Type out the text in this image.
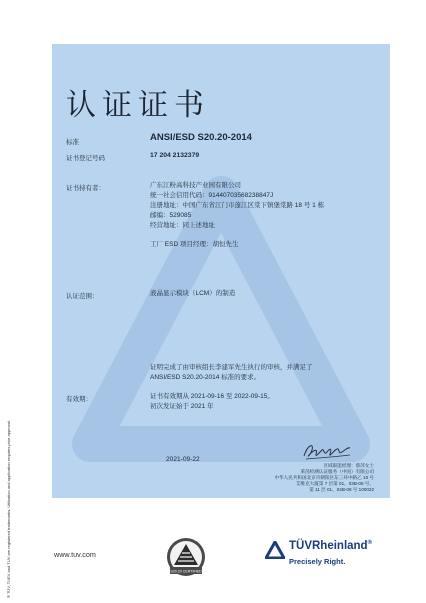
认证证书
标准	ANSI/ESD S20.20-2014
证书登记号码	17 204 2132379
证书持有者：	广东江粉高科技产业园有限公司
统一社会信用代码：91440703568238847J
注册地址：中国广东省江门市蓬江区棠下镇堡棠路 18 号 1 栋
邮编：529085
经营地址：同上述地址
工厂 ESD 项目经理：胡恒先生
认证范围：	液晶显示模块（LCM）的制造
证明完成了由审核组长李建军先生执行的审核，并满足了
ANSI/ESD S20.20-2014 标准的要求。
有效期：	证书有效期从 2021-09-16 至 2022-09-15。
初次发证始于 2021 年
2021-09-22
区域职能经理：蔡萍女士
莱茵检测认证服务（中国）有限公司
中华人民共和国北京市朝阳区东三环中路乙 10 号
艾维克大厦第 7 层第 01、03B-08 号、
第 11 层 01、04B-08 号 100022
® TÜV, TUEV and TUV are registered trademarks. Utilisation and application requires prior approval.	www.tuv.com
S20.20 CERTIFIED
TÜVRheinland®
Precisely Right.
